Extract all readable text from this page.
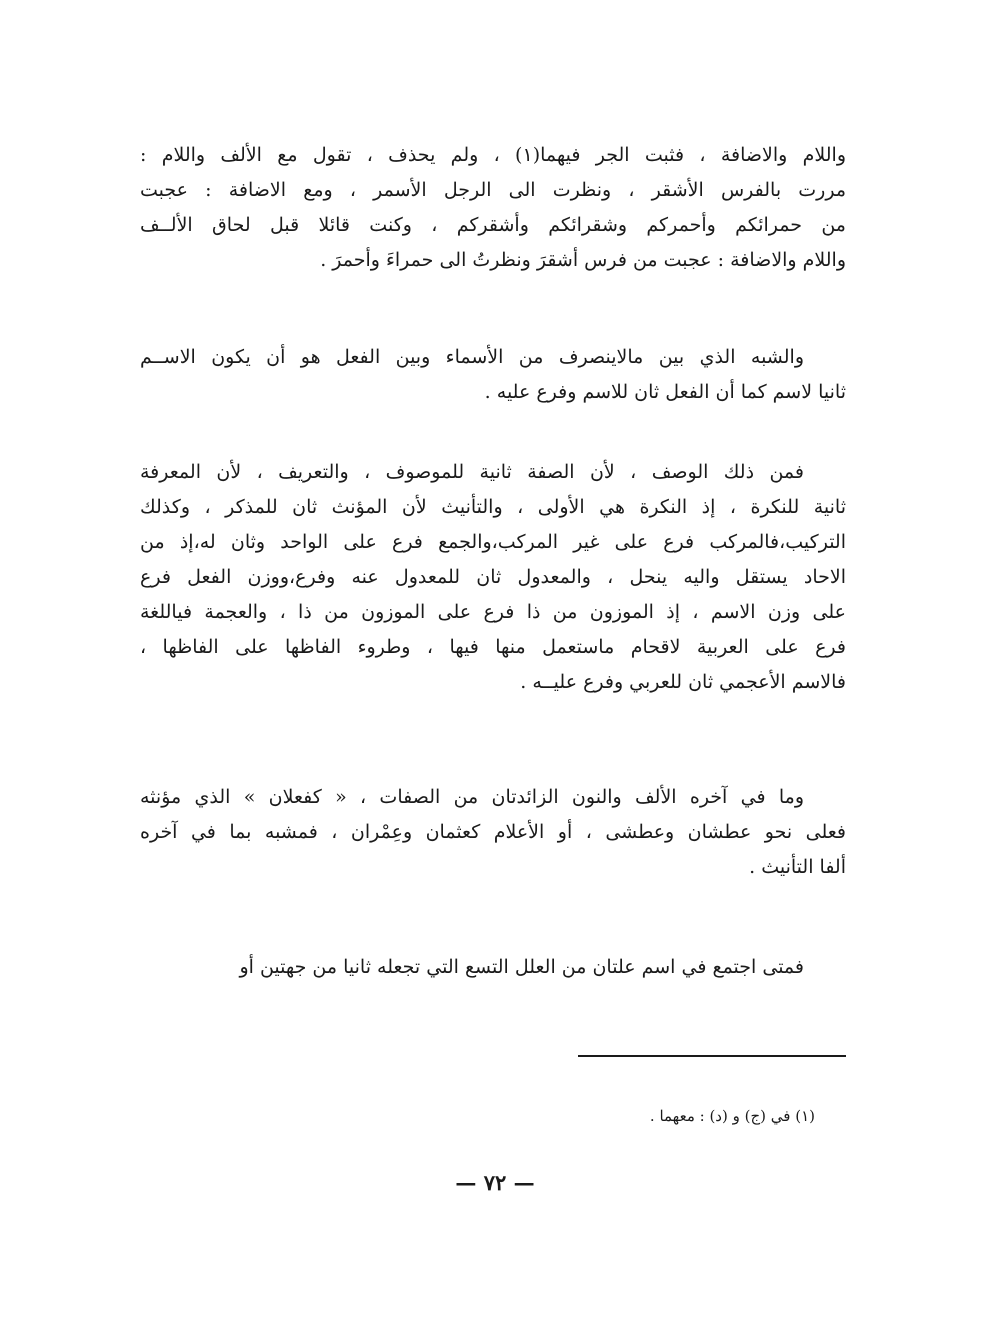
واللام والاضافة ، فثبت الجر فيهما(١) ، ولم يحذف ، تقول مع الألف واللام :
مررت بالفرس الأشقر ، ونظرت الى الرجل الأسمر ، ومع الاضافة : عجبت
من حمرائكم وأحمركم وشقرائكم وأشقركم ، وكنت قائلا قبل لحاق الألــف
واللام والاضافة : عجبت من فرس أشقرَ ونظرتُ الى حمراءَ وأحمرَ .
والشبه الذي بين مالاينصرف من الأسماء وبين الفعل هو أن يكون الاســم
ثانيا لاسم كما أن الفعل ثان للاسم وفرع عليه .
فمن ذلك الوصف ، لأن الصفة ثانية للموصوف ، والتعريف ، لأن المعرفة
ثانية للنكرة ، إذ النكرة هي الأولى ، والتأنيث لأن المؤنث ثان للمذكر ، وكذلك
التركيب،فالمركب فرع على غير المركب،والجمع فرع على الواحد وثان له،إذ من
الاحاد يستقل واليه ينحل ، والمعدول ثان للمعدول عنه وفرع،ووزن الفعل فرع
على وزن الاسم ، إذ الموزون من ذا فرع على الموزون من ذا ، والعجمة فياللغة
فرع على العربية لاقحام ماستعمل منها فيها ، وطروء الفاظها على الفاظها ،
فالاسم الأعجمي ثان للعربي وفرع عليــه .
وما في آخره الألف والنون الزائدتان من الصفات ، « كفعلان » الذي مؤنثه
فعلى نحو عطشان وعطشى ، أو الأعلام كعثمان وعِمْران ، فمشبه بما في آخره
ألفا التأنيث .
فمتى اجتمع في اسم علتان من العلل التسع التي تجعله ثانيا من جهتين أو
(١) في (ج) و (د) : معهما .
— ٧٢ —
